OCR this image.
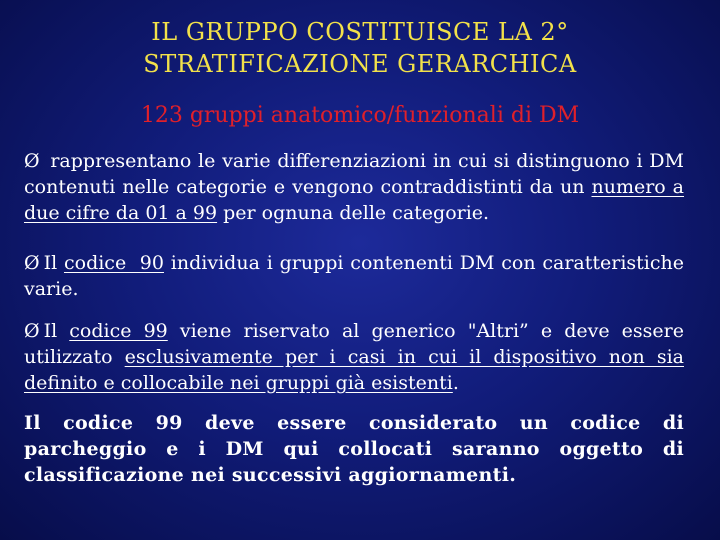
IL GRUPPO COSTITUISCE LA 2°
STRATIFICAZIONE GERARCHICA
123 gruppi anatomico/funzionali di DM
Ø rappresentano le varie differenziazioni in cui si distinguono i DM contenuti nelle categorie e vengono contraddistinti da un numero a due cifre da 01 a 99 per ognuna delle categorie.
Ø Il codice  90 individua i gruppi contenenti DM con caratteristiche varie.
Ø Il codice 99 viene riservato al generico "Altri” e deve essere utilizzato esclusivamente per i casi in cui il dispositivo non sia definito e collocabile nei gruppi già esistenti.
Il codice 99 deve essere considerato un codice di parcheggio e i DM qui collocati saranno oggetto di classificazione nei successivi aggiornamenti.
